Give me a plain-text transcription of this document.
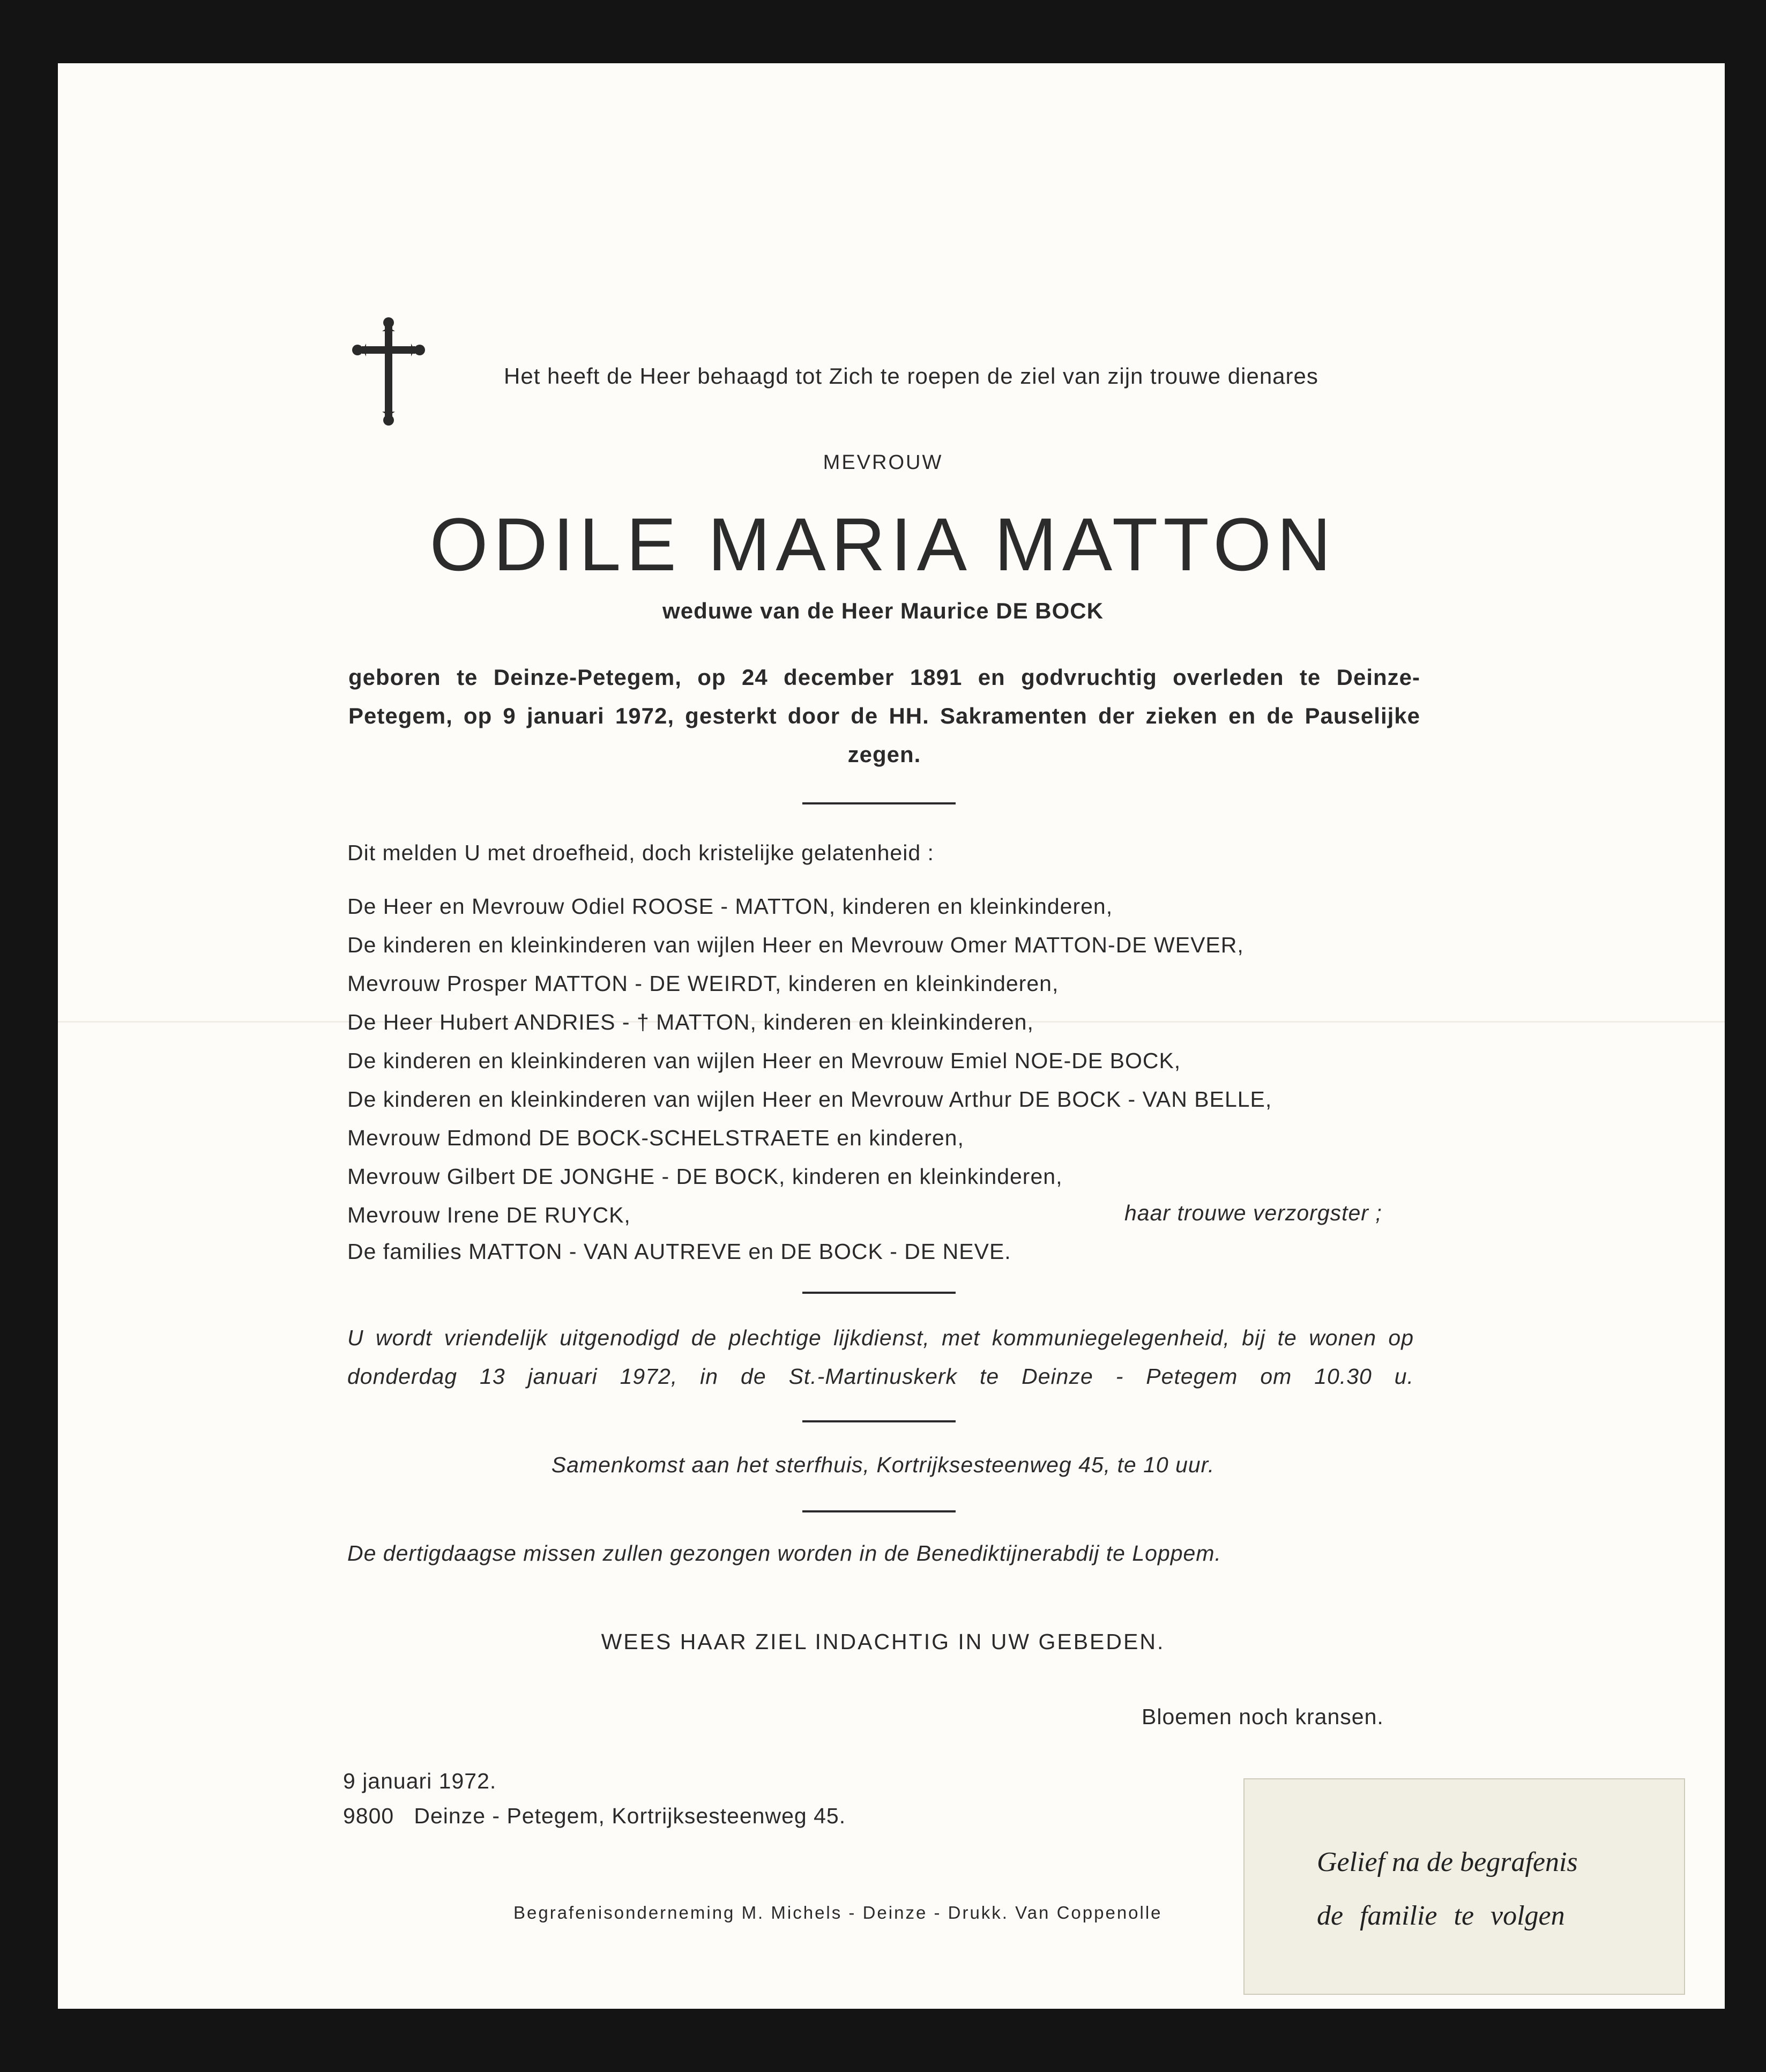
Het heeft de Heer behaagd tot Zich te roepen de ziel van zijn trouwe dienares
MEVROUW
ODILE MARIA MATTON
weduwe van de Heer Maurice DE BOCK
geboren te Deinze-Petegem, op 24 december 1891 en godvruchtig overleden te Deinze-Petegem, op 9 januari 1972, gesterkt door de HH. Sakramenten der zieken en de Pauselijke zegen.
Dit melden U met droefheid, doch kristelijke gelatenheid :
De Heer en Mevrouw Odiel ROOSE - MATTON, kinderen en kleinkinderen,
De kinderen en kleinkinderen van wijlen Heer en Mevrouw Omer MATTON-DE WEVER,
Mevrouw Prosper MATTON - DE WEIRDT, kinderen en kleinkinderen,
De Heer Hubert ANDRIES - † MATTON, kinderen en kleinkinderen,
De kinderen en kleinkinderen van wijlen Heer en Mevrouw Emiel NOE-DE BOCK,
De kinderen en kleinkinderen van wijlen Heer en Mevrouw Arthur DE BOCK - VAN BELLE,
Mevrouw Edmond DE BOCK-SCHELSTRAETE en kinderen,
Mevrouw Gilbert DE JONGHE - DE BOCK, kinderen en kleinkinderen,
Mevrouw Irene DE RUYCK,	haar trouwe verzorgster ;
De families MATTON - VAN AUTREVE en DE BOCK - DE NEVE.
U wordt vriendelijk uitgenodigd de plechtige lijkdienst, met kommuniegelegenheid, bij te wonen op donderdag 13 januari 1972, in de St.-Martinuskerk te Deinze - Petegem om 10.30 u.
Samenkomst aan het sterfhuis, Kortrijksesteenweg 45, te 10 uur.
De dertigdaagse missen zullen gezongen worden in de Benediktijnerabdij te Loppem.
WEES HAAR ZIEL INDACHTIG IN UW GEBEDEN.
Bloemen noch kransen.
9 januari 1972.
9800   Deinze - Petegem, Kortrijksesteenweg 45.
Begrafenisonderneming M. Michels - Deinze - Drukk. Van Coppenolle
Gelief na de begrafenis
de familie te volgen
